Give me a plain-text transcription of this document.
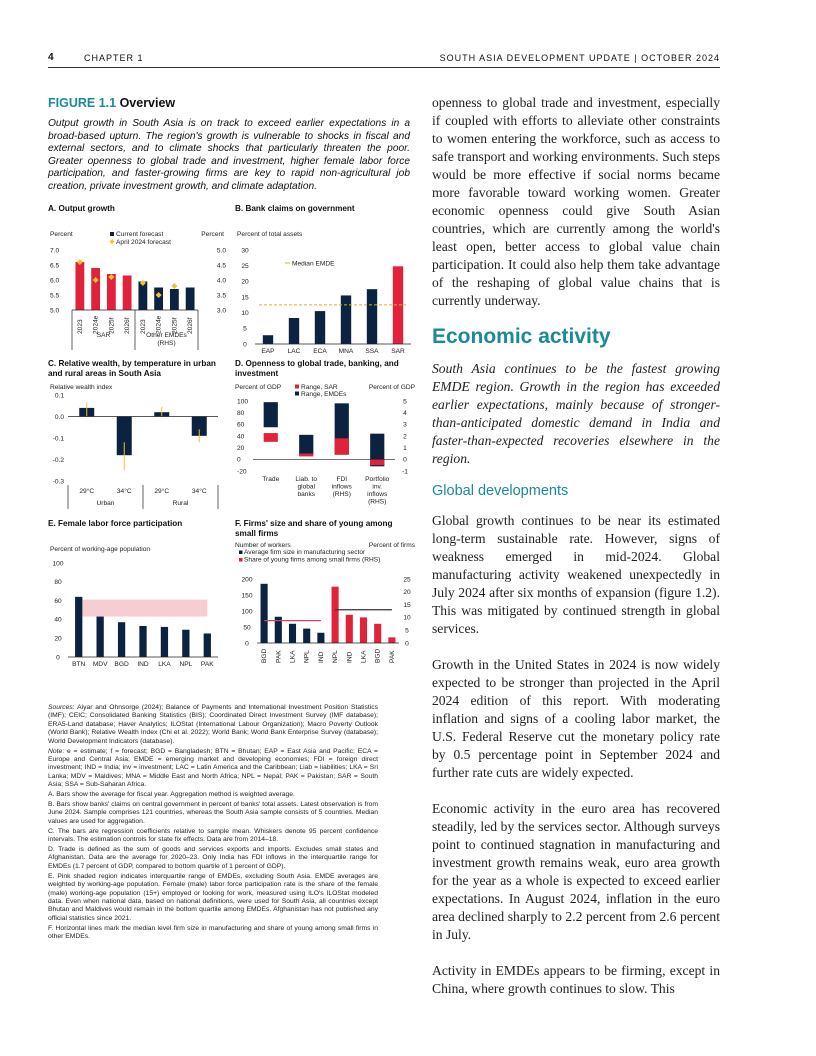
4	CHAPTER 1	SOUTH ASIA DEVELOPMENT UPDATE | OCTOBER 2024
FIGURE 1.1 Overview
Output growth in South Asia is on track to exceed earlier expectations in a broad-based upturn. The region's growth is vulnerable to shocks in fiscal and external sectors, and to climate shocks that particularly threaten the poor. Greater openness to global trade and investment, higher female labor force participation, and faster-growing firms are key to rapid non-agricultural job creation, private investment growth, and climate adaptation.
A. Output growth
Percent	Percent
7.0
6.5
6.0
5.5
5.0
5.0
4.5
4.0
3.5
3.0
Current forecast
April 2024 forecast
2023 2024e 2025f 2026f 2023 2024e 2025f 2026f
SAR	Other EMDEs
(RHS)
B. Bank claims on government
Percent of total assets
30
25
20
15
10
5
0
EAP LAC ECA MNA SSA SAR
Median EMDE
C. Relative wealth, by temperature in urban and rural areas in South Asia
Relative wealth index
0.1
0.0
-0.1
-0.2
-0.3
29°C	34°C	29°C	34°C
Urban	Rural
D. Openness to global trade, banking, and investment
Percent of GDP	Percent of GDP
Range, SAR
Range, EMDEs
100
80
60
40
20
0
-20
5
4
3
2
1
0
-1
Trade Liab. to
global
banks
FDI
inflows
(RHS)
Portfolio
inv.
inflows
(RHS)
E. Female labor force participation
Percent of working-age population
100
80
60
40
20
0
BTN MDV BGD IND LKA NPL PAK
F. Firms' size and share of young among small firms
Number of workers	Percent of firms
Average firm size in manufacturing sector
Share of young firms among small firms (RHS)
200
150
100
50
0
25
20
15
10
5
0
BGD PAK LKA NPL IND NPL IND LKA BGD PAK

Sources: Aiyar and Ohnsorge (2024); Balance of Payments and International Investment Position Statistics (IMF); CEIC; Consolidated Banking Statistics (BIS); Coordinated Direct Investment Survey (IMF database); ERA5-Land database; Haver Analytics; ILOStat (International Labour Organization); Macro Poverty Outlook (World Bank); Relative Wealth Index (Chi et al. 2022); World Bank; World Bank Enterprise Survey (database); World Development Indicators (database).

Note: e = estimate; f = forecast; BGD = Bangladesh; BTN = Bhutan; EAP = East Asia and Pacific; ECA = Europe and Central Asia; EMDE = emerging market and developing economies; FDI = foreign direct investment; IND = India; inv = investment; LAC = Latin America and the Caribbean; Liab = liabilities; LKA = Sri Lanka; MDV = Maldives; MNA = Middle East and North Africa; NPL = Nepal; PAK = Pakistan; SAR = South Asia; SSA = Sub-Saharan Africa.

A. Bars show the average for fiscal year. Aggregation method is weighted average.

B. Bars show banks' claims on central government in percent of banks' total assets. Latest observation is from June 2024. Sample comprises 121 countries, whereas the South Asia sample consists of 5 countries. Median values are used for aggregation.

C. The bars are regression coefficients relative to sample mean. Whiskers denote 95 percent confidence intervals. The estimation controls for state fix effects. Data are from 2014–18.

D. Trade is defined as the sum of goods and services exports and imports. Excludes small states and Afghanistan. Data are the average for 2020–23. Only India has FDI inflows in the interquartile range for EMDEs (1.7 percent of GDP, compared to bottom quartile of 1 percent of GDP).

E. Pink shaded region indicates interquartile range of EMDEs, excluding South Asia. EMDE averages are weighted by working-age population. Female (male) labor force participation rate is the share of the female (male) working-age population (15+) employed or looking for work, measured using ILO's ILOStat modeled data. Even when national data, based on national definitions, were used for South Asia, all countries except Bhutan and Maldives would remain in the bottom quartile among EMDEs. Afghanistan has not published any official statistics since 2021.

F. Horizontal lines mark the median level firm size in manufacturing and share of young among small firms in other EMDEs.

openness to global trade and investment, especially if coupled with efforts to alleviate other constraints to women entering the workforce, such as access to safe transport and working environments. Such steps would be more effective if social norms became more favorable toward working women. Greater economic openness could give South Asian countries, which are currently among the world's least open, better access to global value chain participation. It could also help them take advantage of the reshaping of global value chains that is currently underway.

Economic activity

South Asia continues to be the fastest growing EMDE region. Growth in the region has exceeded earlier expectations, mainly because of stronger-than-anticipated domestic demand in India and faster-than-expected recoveries elsewhere in the region.

Global developments

Global growth continues to be near its estimated long-term sustainable rate. However, signs of weakness emerged in mid-2024. Global manufacturing activity weakened unexpectedly in July 2024 after six months of expansion (figure 1.2). This was mitigated by continued strength in global services.

Growth in the United States in 2024 is now widely expected to be stronger than projected in the April 2024 edition of this report. With moderating inflation and signs of a cooling labor market, the U.S. Federal Reserve cut the monetary policy rate by 0.5 percentage point in September 2024 and further rate cuts are widely expected.

Economic activity in the euro area has recovered steadily, led by the services sector. Although surveys point to continued stagnation in manufacturing and investment growth remains weak, euro area growth for the year as a whole is expected to exceed earlier expectations. In August 2024, inflation in the euro area declined sharply to 2.2 percent from 2.6 percent in July.

Activity in EMDEs appears to be firming, except in China, where growth continues to slow. This
